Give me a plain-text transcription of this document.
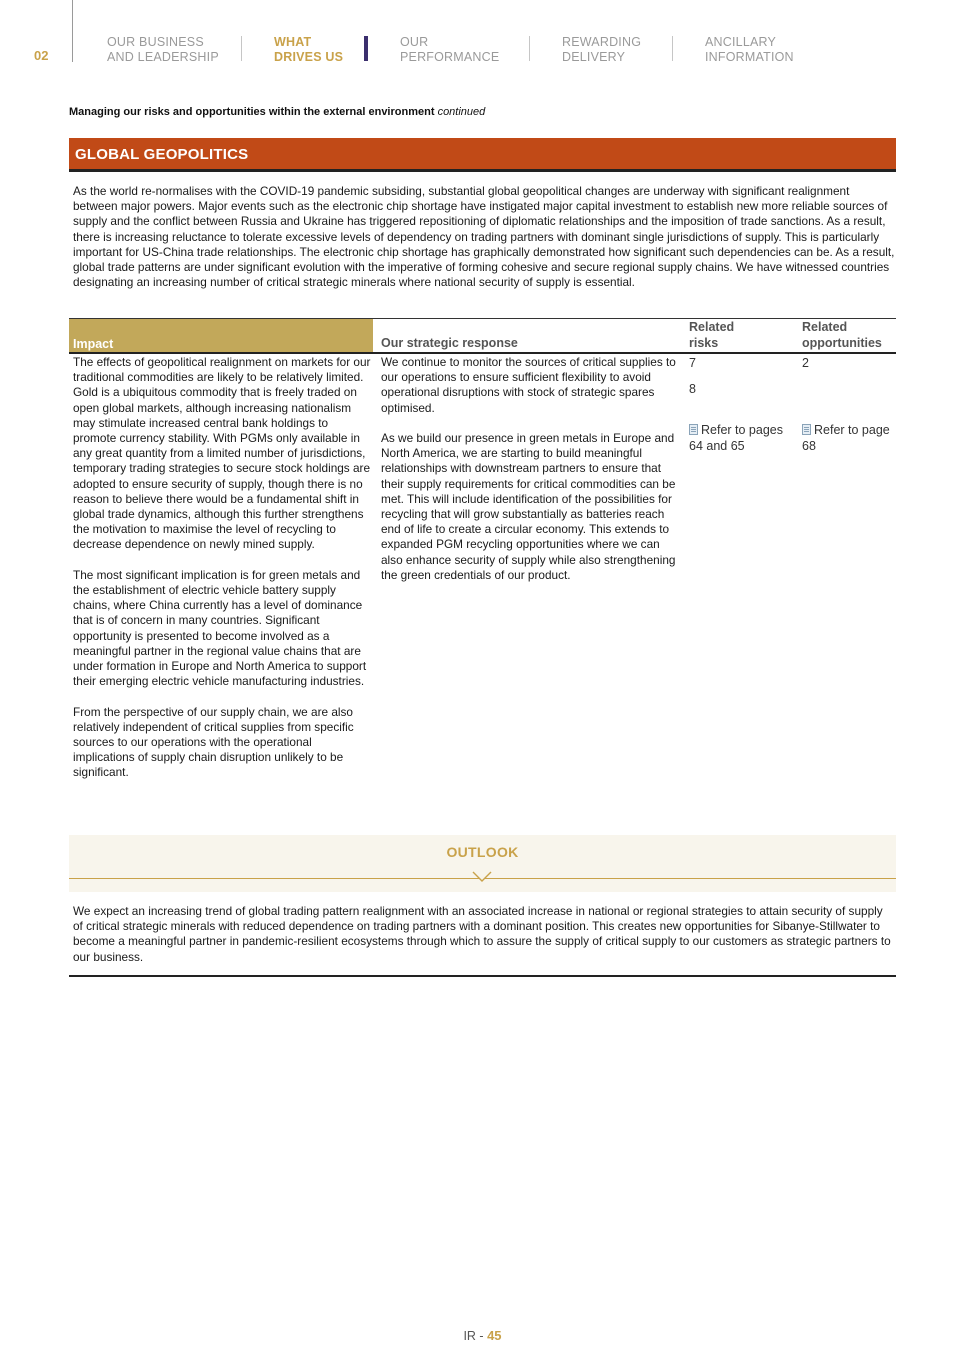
02
OUR BUSINESS
AND LEADERSHIP
WHAT
DRIVES US
OUR
PERFORMANCE
REWARDING
DELIVERY
ANCILLARY
INFORMATION
Managing our risks and opportunities within the external environment continued
GLOBAL GEOPOLITICS
As the world re-normalises with the COVID-19 pandemic subsiding, substantial global geopolitical changes are underway with significant realignment between major powers. Major events such as the electronic chip shortage have instigated major capital investment to establish new more reliable sources of supply and the conflict between Russia and Ukraine has triggered repositioning of diplomatic relationships and the imposition of trade sanctions. As a result, there is increasing reluctance to tolerate excessive levels of dependency on trading partners with dominant single jurisdictions of supply. This is particularly important for US-China trade relationships. The electronic chip shortage has graphically demonstrated how significant such dependencies can be. As a result, global trade patterns are under significant evolution with the imperative of forming cohesive and secure regional supply chains. We have witnessed countries designating an increasing number of critical strategic minerals where national security of supply is essential.
Impact	Our strategic response
Related
risks
Related
opportunities

The effects of geopolitical realignment on markets for our traditional commodities are likely to be relatively limited. Gold is a ubiquitous commodity that is freely traded on open global markets, although increasing nationalism may stimulate increased central bank holdings to promote currency stability. With PGMs only available in any great quantity from a limited number of jurisdictions, temporary trading strategies to secure stock holdings are adopted to ensure security of supply, though there is no reason to believe there would be a fundamental shift in global trade dynamics, although this further strengthens the motivation to maximise the level of recycling to decrease dependence on newly mined supply.

The most significant implication is for green metals and the establishment of electric vehicle battery supply chains, where China currently has a level of dominance that is of concern in many countries. Significant opportunity is presented to become involved as a meaningful partner in the regional value chains that are under formation in Europe and North America to support their emerging electric vehicle manufacturing industries.

From the perspective of our supply chain, we are also relatively independent of critical supplies from specific sources to our operations with the operational implications of supply chain disruption unlikely to be significant.

We continue to monitor the sources of critical supplies to our operations to ensure sufficient flexibility to avoid operational disruptions with stock of strategic spares optimised.

As we build our presence in green metals in Europe and North America, we are starting to build meaningful relationships with downstream partners to ensure that their supply requirements for critical commodities can be met. This will include identification of the possibilities for recycling that will grow substantially as batteries reach end of life to create a circular economy. This extends to expanded PGM recycling opportunities where we can also enhance security of supply while also strengthening the green credentials of our product.

7
8
Refer to pages 64 and 65
2
Refer to page 68
OUTLOOK
We expect an increasing trend of global trading pattern realignment with an associated increase in national or regional strategies to attain security of supply of critical strategic minerals with reduced dependence on trading partners with a dominant position. This creates new opportunities for Sibanye-Stillwater to become a meaningful partner in pandemic-resilient ecosystems through which to assure the supply of critical supply to our customers as strategic partners to our business.
IR - 45
